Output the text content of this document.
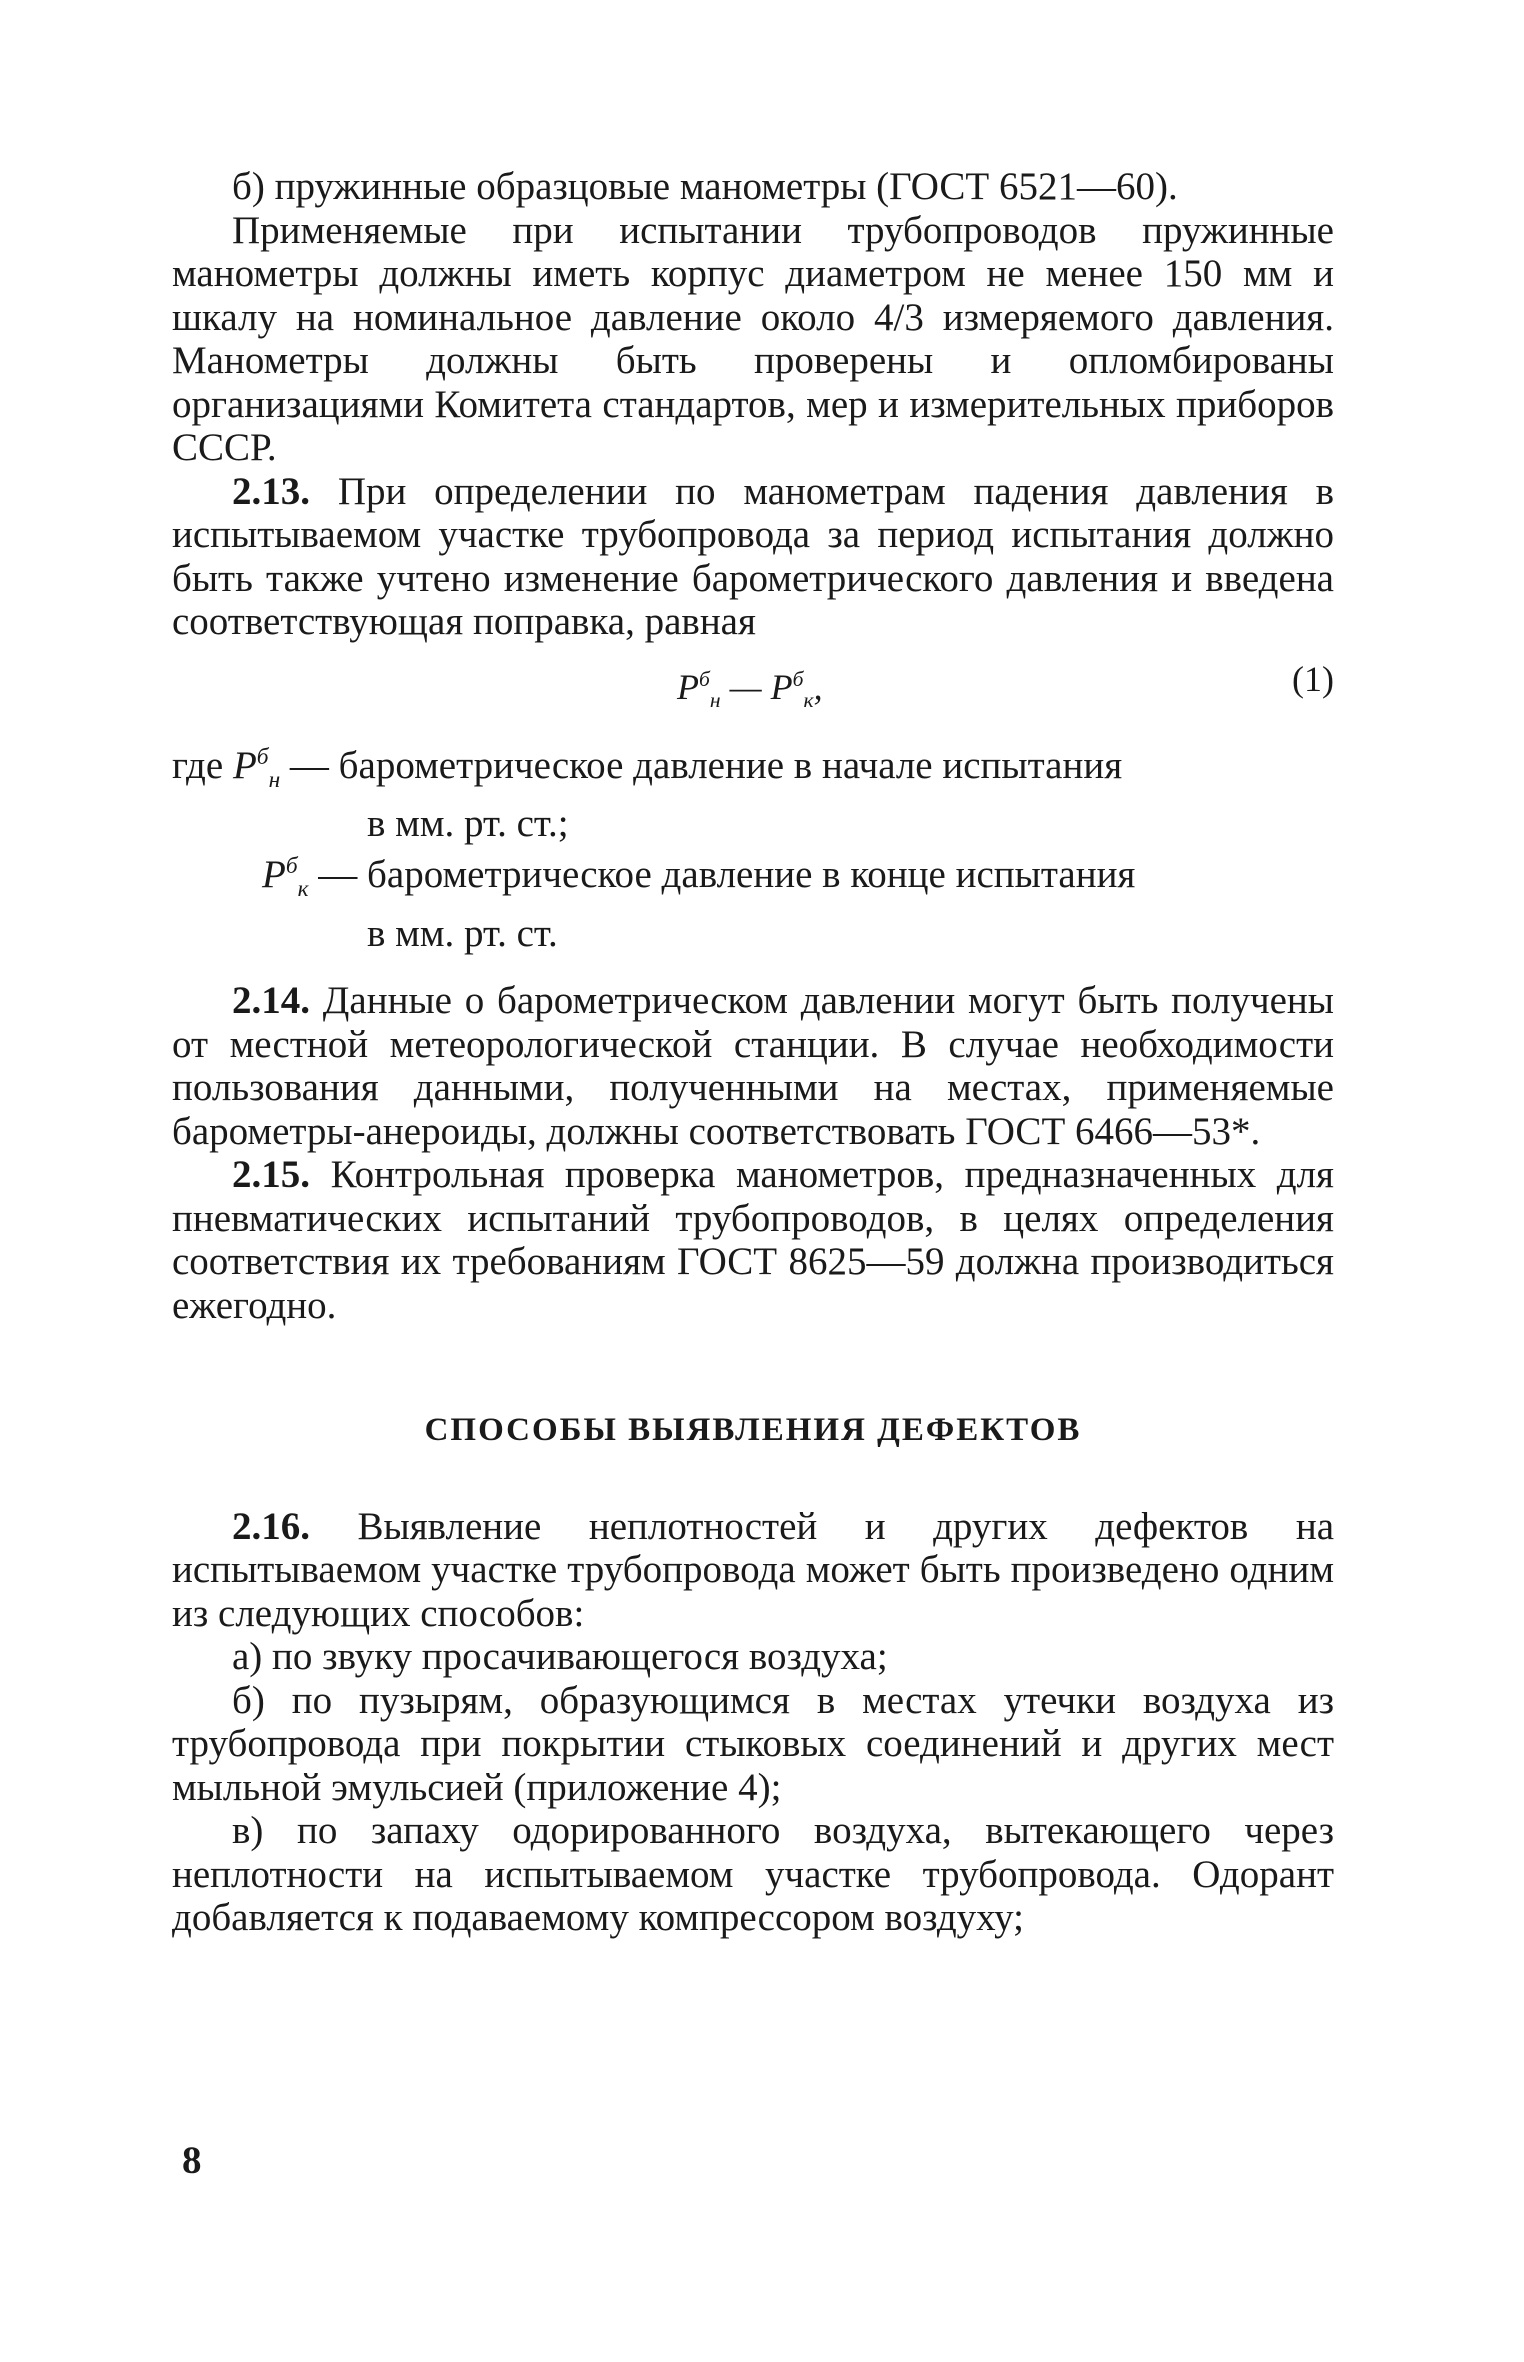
б) пружинные образцовые манометры (ГОСТ 6521—60).

Применяемые при испытании трубопроводов пружинные манометры должны иметь корпус диаметром не менее 150 мм и шкалу на номинальное давление около 4/3 измеряемого давления. Манометры должны быть проверены и опломбированы организациями Комитета стандартов, мер и измерительных приборов СССР.

2.13. При определении по манометрам падения давления в испытываемом участке трубопровода за период испытания должно быть также учтено изменение барометрического давления и введена соответствующая поправка, равная

$P^б_н$ — $P^б_к$,	(1)
где $P^б_н$ — барометрическое давление в начале испытания
в мм. рт. ст.;
$P^б_к$ — барометрическое давление в конце испытания
в мм. рт. ст.

2.14. Данные о барометрическом давлении могут быть получены от местной метеорологической станции. В случае необходимости пользования данными, полученными на местах, применяемые барометры-анероиды, должны соответствовать ГОСТ 6466—53*.

2.15. Контрольная проверка манометров, предназначенных для пневматических испытаний трубопроводов, в целях определения соответствия их требованиям ГОСТ 8625—59 должна производиться ежегодно.

СПОСОБЫ ВЫЯВЛЕНИЯ ДЕФЕКТОВ

2.16. Выявление неплотностей и других дефектов на испытываемом участке трубопровода может быть произведено одним из следующих способов:

а) по звуку просачивающегося воздуха;

б) по пузырям, образующимся в местах утечки воздуха из трубопровода при покрытии стыковых соединений и других мест мыльной эмульсией (приложение 4);

в) по запаху одорированного воздуха, вытекающего через неплотности на испытываемом участке трубопровода. Одорант добавляется к подаваемому компрессором воздуху;

8
